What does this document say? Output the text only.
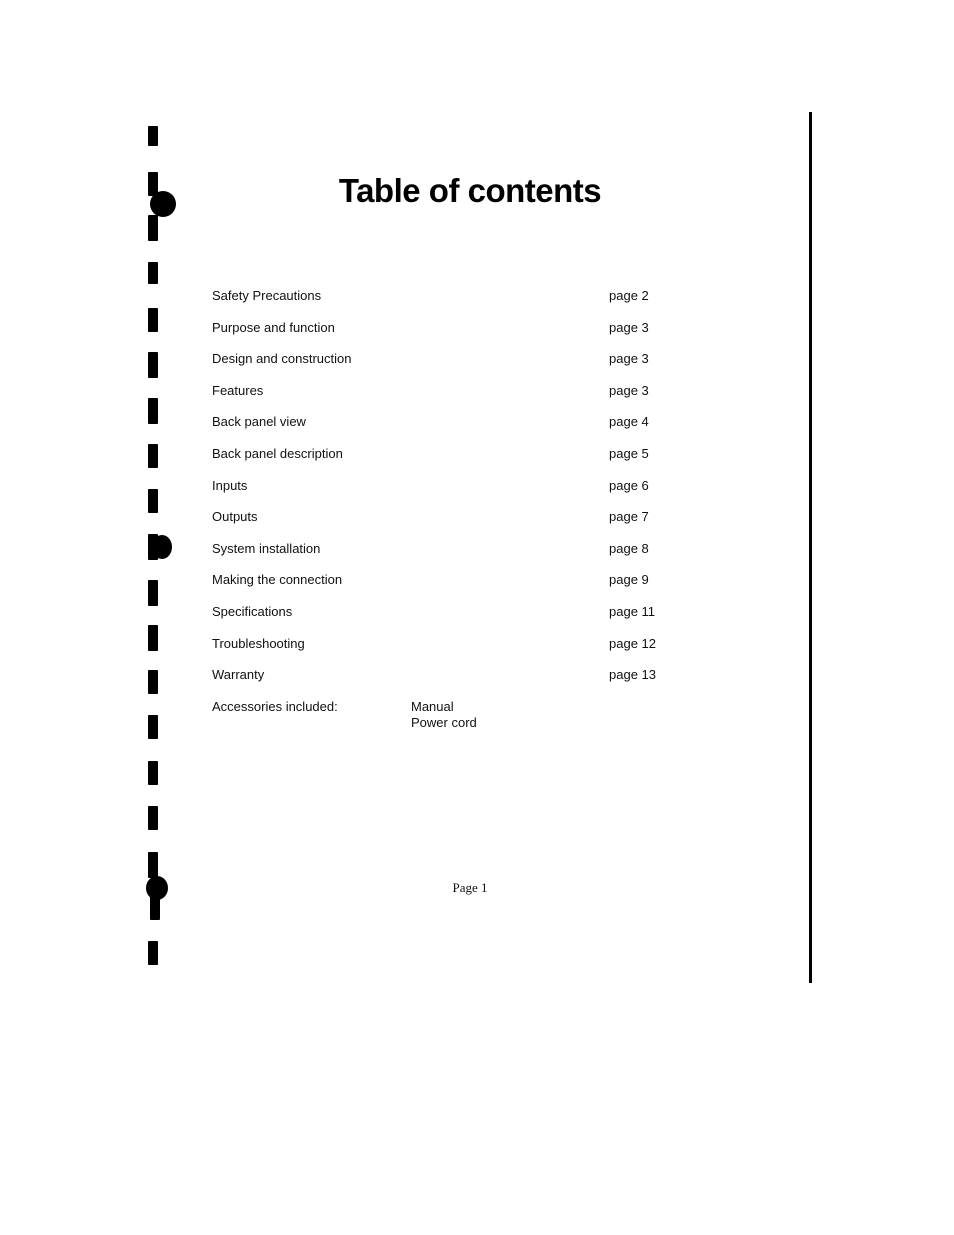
Table of contents
Safety Precautions	page 2
Purpose and function	page 3
Design and construction	page 3
Features	page 3
Back panel view	page 4
Back panel description	page 5
Inputs	page 6
Outputs	page 7
System installation	page 8
Making the connection	page 9
Specifications	page 11
Troubleshooting	page 12
Warranty	page 13
Accessories included:	Manual
Power cord
Page 1
